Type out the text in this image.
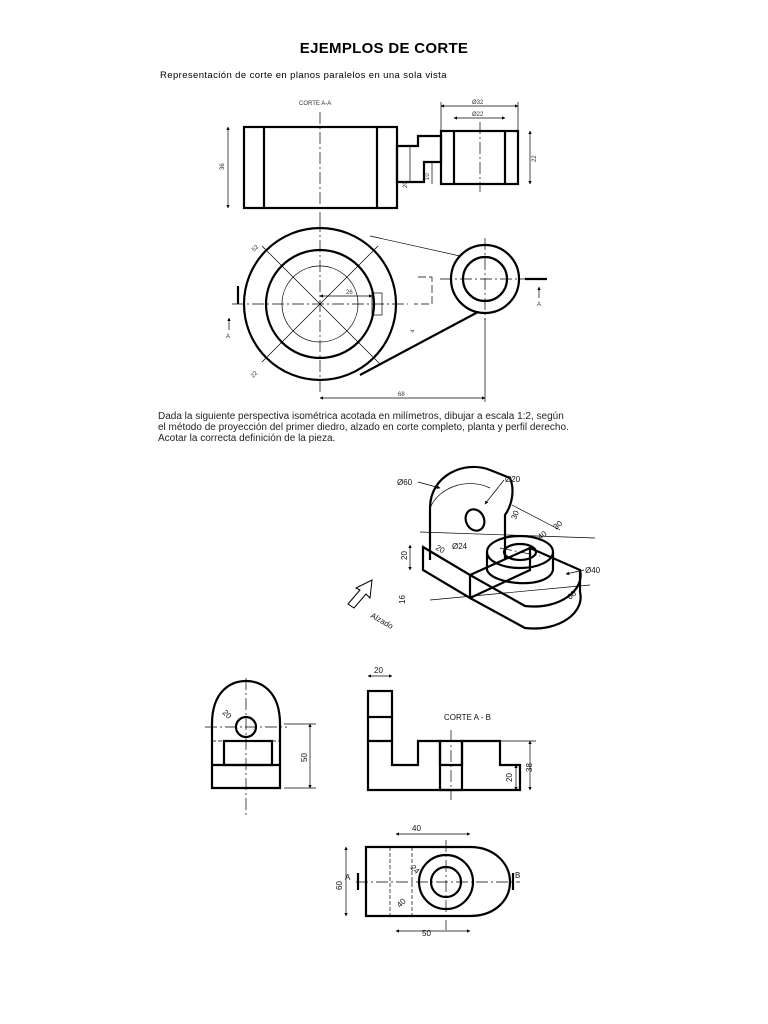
EJEMPLOS DE CORTE
Representación de corte en planos paralelos en una sola vista
Dada la siguiente perspectiva isométrica acotada en milímetros, dibujar a escala 1:2, según
el método de proyección del primer diedro, alzado en corte completo, planta y perfil derecho.
Acotar la correcta definición de la pieza.
CORTE A-A	Ø32
Ø22
36
22
20
10
A
A
26
68
52
22
4
Ø60	Ø20
30
30
40
20 Ø24
20
Ø40
16	60
Alzado
50
20	CORTE A - B
20
20
38
40
50
60
24
40
A	B
